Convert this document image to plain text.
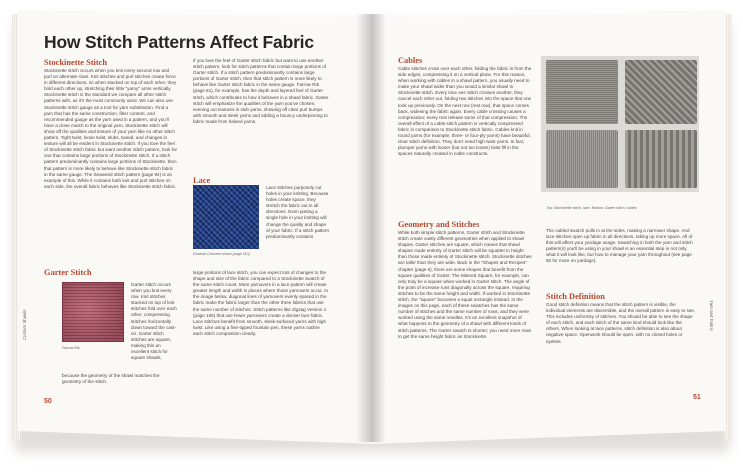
How Stitch Patterns Affect Fabric
Stockinette Stitch
Stockinette stitch occurs when you knit every second row and purl on alternate rows. Knit stitches and purl stitches create force in different directions, so when stacked on top of each other, they hold each other up, stretching their little "yarny" arms vertically. Stockinette stitch is the standard we compare all other stitch patterns with, as it's the most commonly used. We can also use Stockinette stitch gauge as a tool for yarn substitution. Find a yarn that has the same construction, fiber content, and recommended gauge as the yarn used in a pattern, and you'll have a close match to the original yarn. Stockinette stitch will show off the qualities and texture of your yarn like no other stitch pattern. Tight twist, loose twist, slubs, tweed, and changes in texture will all be evident in Stockinette stitch. If you love the feel of Stockinette stitch fabric but want another stitch pattern, look for one that contains large portions of Stockinette stitch. If a stitch pattern predominantly contains large portions of Stockinette, then that pattern is more likely to behave like Stockinette stitch fabric in the same gauge. The Seaweed stitch pattern (page 94) is an example of this. While it contains both knit and purl stitches on each side, the overall fabric behaves like Stockinette stitch fabric.
Garter Stitch
Farrow Rib
Garter stitch occurs when you knit every row. Knit stitches stacked on top of knit stitches fold over each other, compressing stitches horizontally down toward the cast-on. Garter stitch stitches are square, making this an excellent stitch for square shawls,
because the geometry of the shawl matches the geometry of the stitch.
If you love the feel of Garter stitch fabric but want to use another stitch pattern, look for stitch patterns that contain large portions of Garter stitch. If a stitch pattern predominantly contains large portions of Garter stitch, then that stitch pattern is more likely to behave like Garter stitch fabric in the same gauge. Farrow Rib (page 81), for example, has the depth and layered feel of Garter stitch, which contributes to how it behaves in a shawl fabric. Garter stitch will emphasize the qualities of the yarn you've chosen, evening out textures in slub yarns, showing off clear purl bumps with smooth and sleek yarns and adding a bouncy underpinning to fabric made from haloed yarns.
Lace
Dovetail Crescent shawl (page 110)
Lace stitches purposely cut holes in your knitting. Because holes create space, they stretch the fabric out in all directions. Even putting a single hole in your knitting will change the quality and shape of your fabric. If a stitch pattern predominantly contains
large portions of lace stitch, you can expect lots of changes to the shape and size of the fabric compared to a Stockinette swatch of the same stitch count. More yarnovers in a lace pattern will create greater length and width in places where those yarnovers occur. In the image below, diagonal lines of yarnovers evenly spaced in the fabric make the fabric larger than the other three fabrics that use the same number of stitches. Stitch patterns like Zigzag Version 1 (page 105) that use fewer yarnovers create a denser lace fabric. Lace stitches benefit from smooth, sleek-surfaced yarns with high twist. Like using a fine-tipped fountain pen, these yarns outline each stitch composition clearly.
50
Custom Shawls
Cables
Cable stitches cross over each other, folding the fabric in from the side edges, compressing it on a vertical plane. For this reason, when working with cables in a shawl pattern, you usually need to make your shawl wider than you would a similar shawl in Stockinette stitch. Every time one stitch crosses another, they cancel each other out, folding two stitches into the space that one took up previously. On the next row (rest row), that space comes back, widening the fabric again. Every cable crossing causes a compression; every rest release some of that compression. The overall effect of a cable stitch pattern is vertically compressed fabric in comparison to Stockinette stitch fabric. Cables knit in round yarns (for example, three- or four-ply yarns) have beautiful, clear stitch definition. They don't need high-twist yarns. In fact, plumper yarns with looser (but not too loose!) twist fill in the spaces naturally created in cable constructs.
Geometry and Stitches
While both simple stitch patterns, Garter stitch and Stockinette stitch create vastly different geometries when applied to shawl shapes. Garter stitches are square, which means that shawl shapes made entirely of Garter stitch will be squatter in height than those made entirely of Stockinette stitch. Stockinette stitches are taller than they are wide. Back in the "Shapes and Recipes" chapter (page 6), there are some shapes that benefit from the square qualities of Garter. The Mitered Square, for example, can only truly be a square when worked in Garter stitch. The angle of the point of increase runs diagonally across the square, requiring stitches to be the same height and width. If worked in Stockinette stitch, the "square" becomes a squat rectangle instead. In the images on this page, each of these swatches has the same number of stitches and the same number of rows, and they were worked using the same needles. It's an excellent snapshot of what happens to the geometry of a shawl with different kinds of stitch patterns. The Garter swatch is shorter; you need more rows to get the same height fabric as Stockinette.
Top: Stockinette stitch, lace. Bottom: Garter stitch, cables
The cabled swatch pulls in at the sides, making a narrower shape. And lace stitches open up fabric in all directions, taking up more space. All of this will affect your yardage usage. Swatching in both the yarn and stitch pattern(s) you'll be using in your shawl is an essential step in not only what it will look like, but how to manage your yarn throughout (see page 50 for more on yardage).
Stitch Definition
Good stitch definition means that the stitch pattern is visible, the individual elements are discernible, and the overall pattern is easy to see. This includes uniformity of stitches. You should be able to see the shape of each stitch, and each stitch of the same kind should look like the others. When looking at lace patterns, stitch definition is also about negative space. Openwork should be open, with no closed holes or eyelets.
51
Yarn and Fabric
